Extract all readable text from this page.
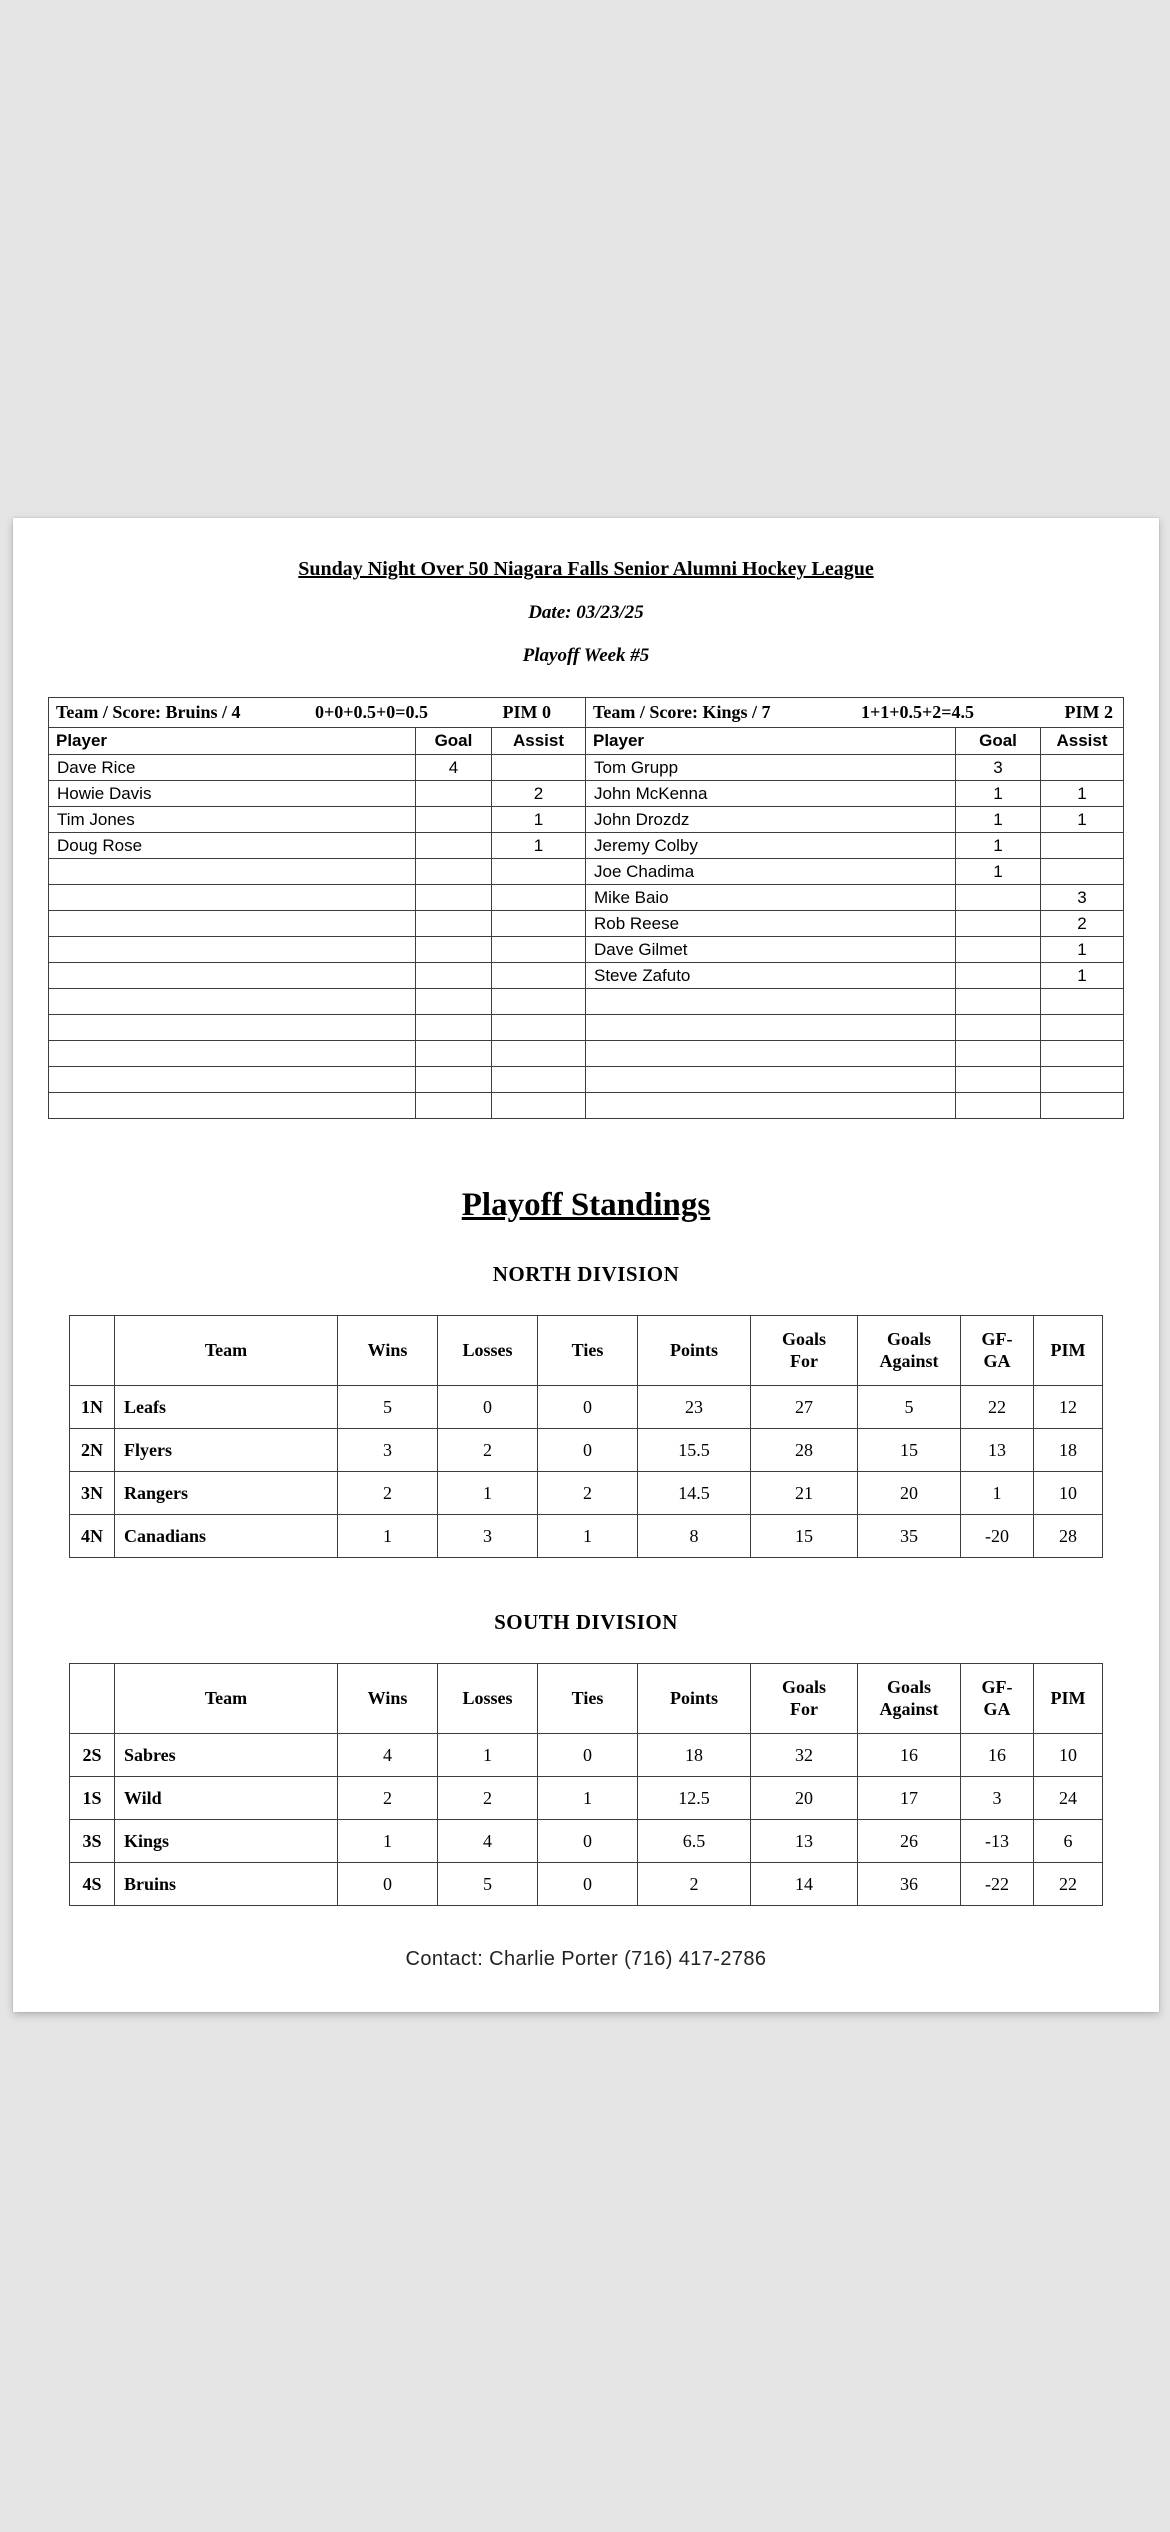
Sunday Night Over 50 Niagara Falls Senior Alumni Hockey League
Date: 03/23/25
Playoff Week #5
Team / Score: Bruins / 4 0+0+0.5+0=0.5 PIM 0			Team / Score: Kings / 7 1+1+0.5+2=4.5 PIM 2		

Player	Goal	Assist	Player	Goal	Assist
Dave Rice	4		Tom Grupp	3	
Howie Davis		2	John McKenna	1	1
Tim Jones		1	John Drozdz	1	1
Doug Rose		1	Jeremy Colby	1	
			Joe Chadima	1	
			Mike Baio		3
			Rob Reese		2
			Dave Gilmet		1
			Steve Zafuto		1

Playoff Standings
NORTH DIVISION
	Team	Wins	Losses	Ties	Points	Goals For	Goals Against	GF-GA	PIM
1N	Leafs	5	0	0	23	27	5	22	12
2N	Flyers	3	2	0	15.5	28	15	13	18
3N	Rangers	2	1	2	14.5	21	20	1	10
4N	Canadians	1	3	1	8	15	35	-20	28
SOUTH DIVISION
	Team	Wins	Losses	Ties	Points	Goals For	Goals Against	GF-GA	PIM
2S	Sabres	4	1	0	18	32	16	16	10
1S	Wild	2	2	1	12.5	20	17	3	24
3S	Kings	1	4	0	6.5	13	26	-13	6
4S	Bruins	0	5	0	2	14	36	-22	22
Contact: Charlie Porter (716) 417-2786
